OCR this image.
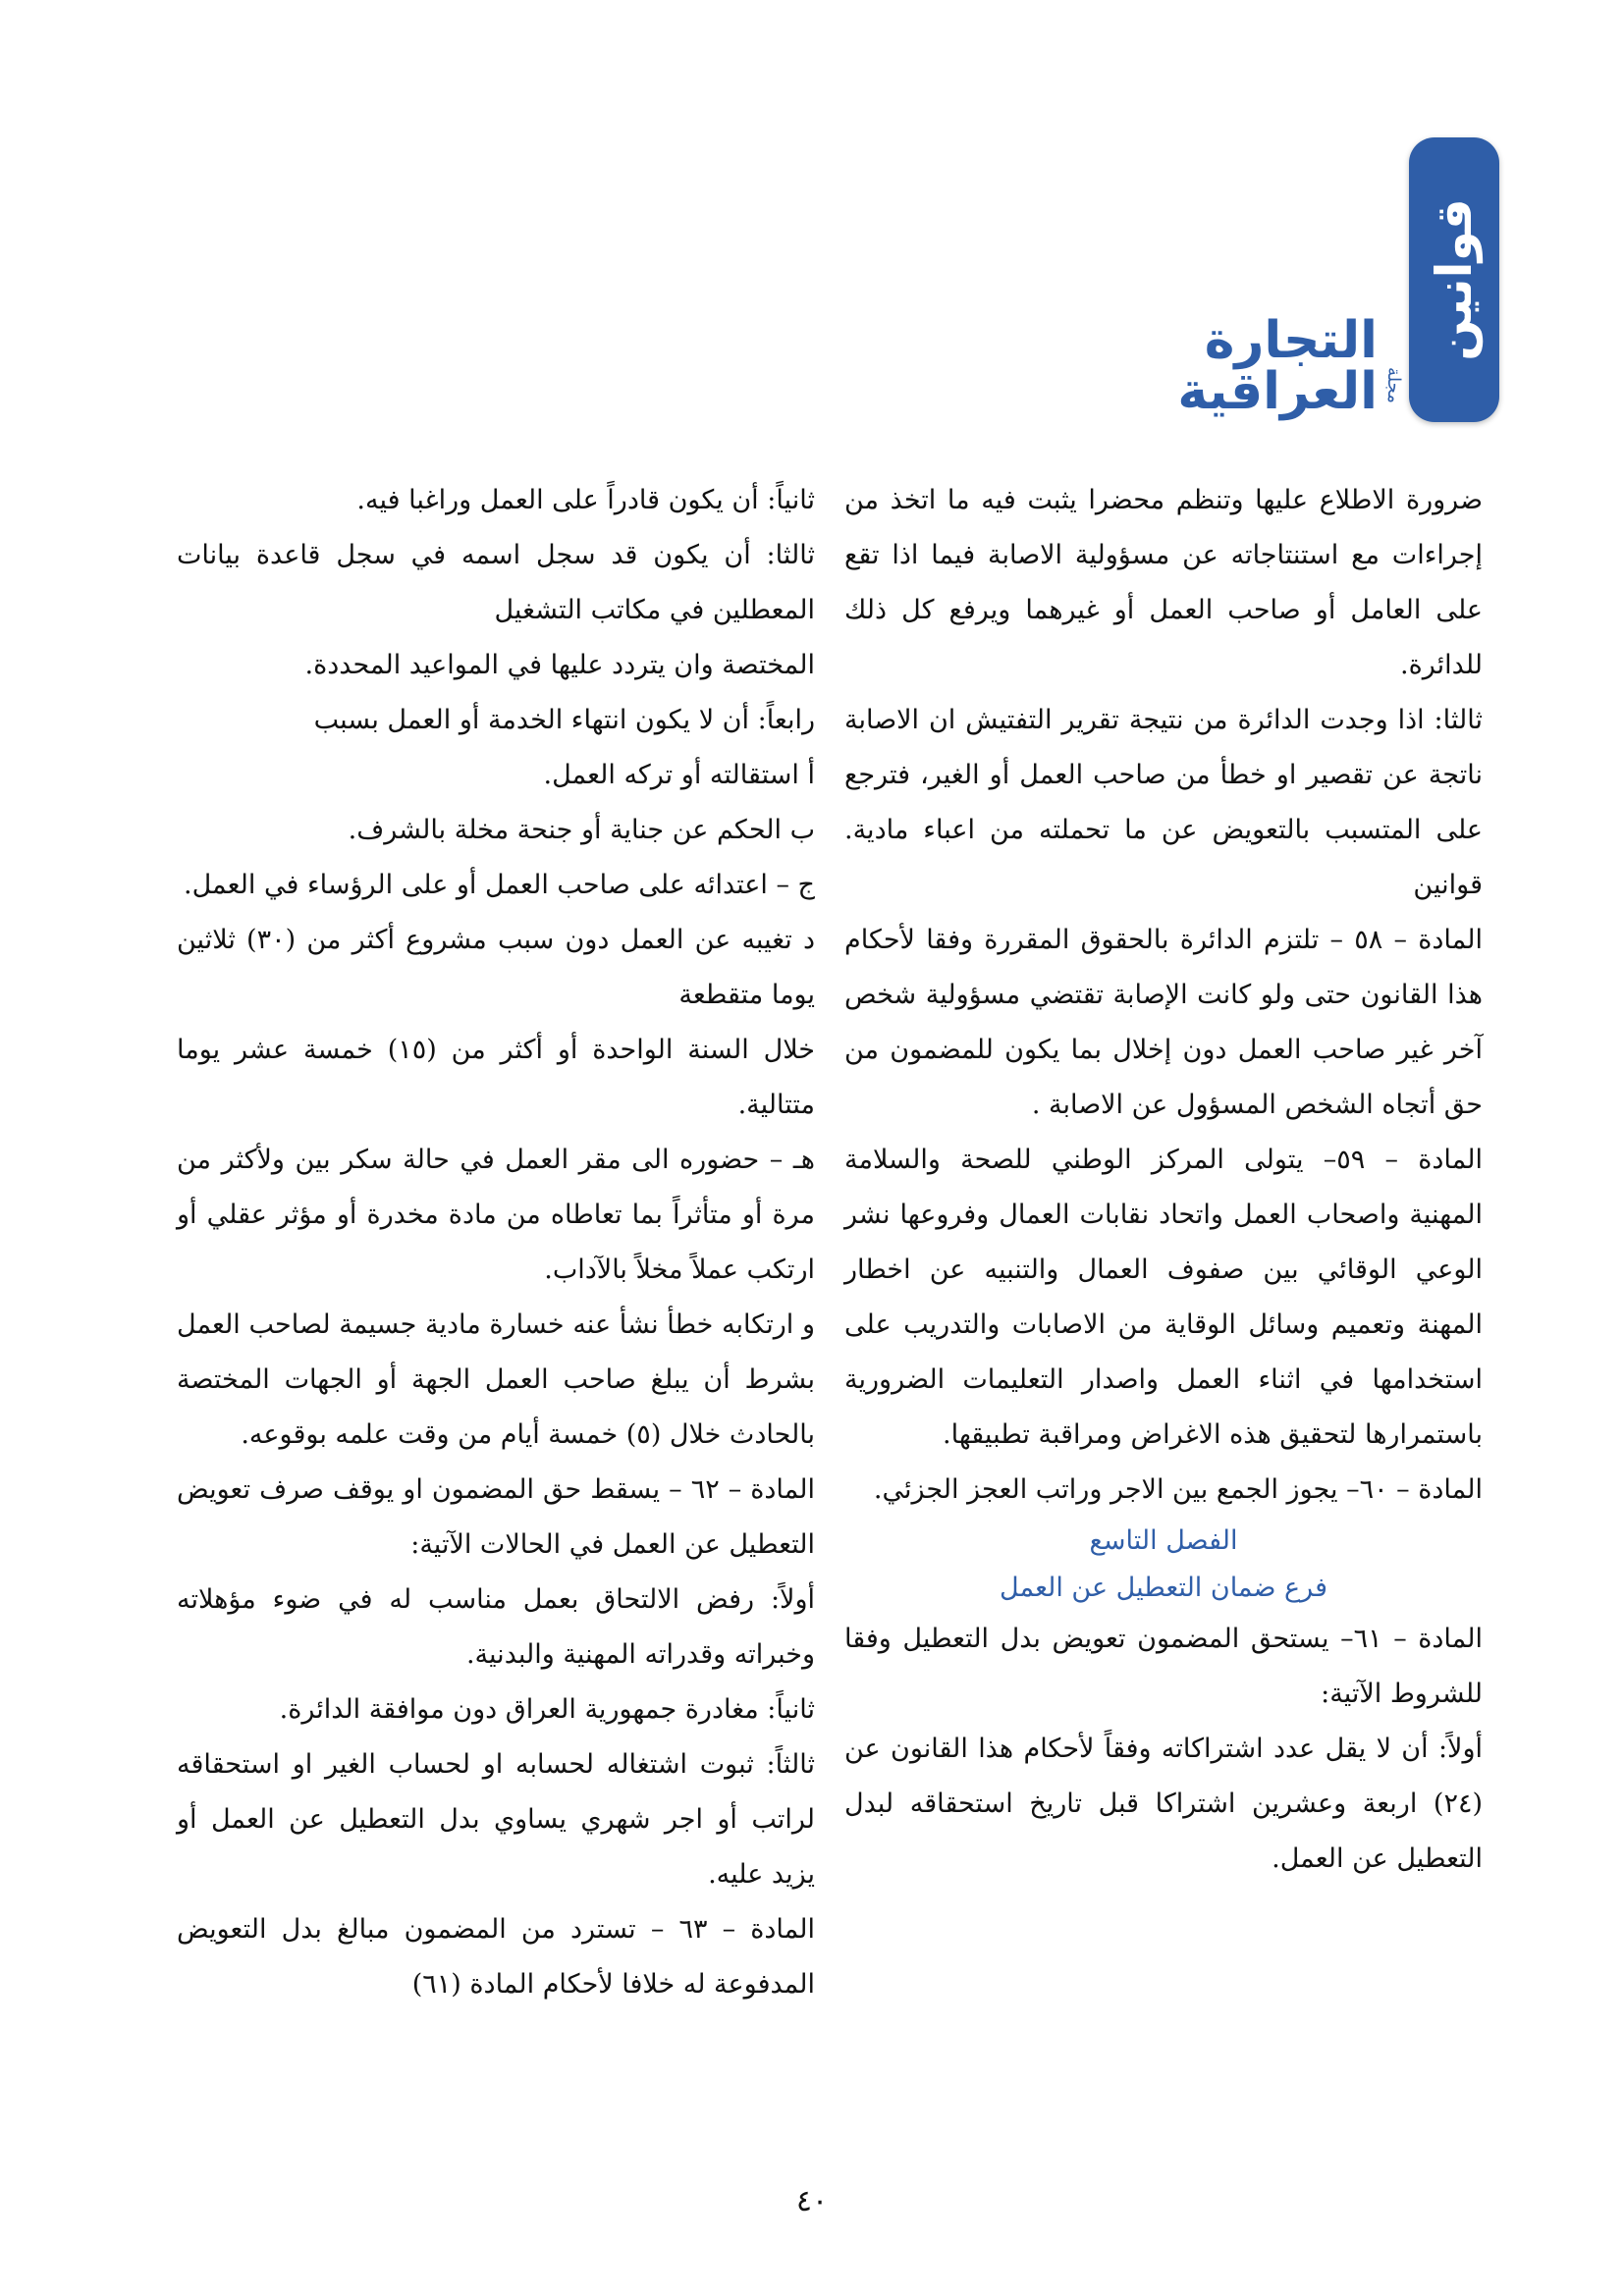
قوانين
مجلة
التجارة العراقية

ضرورة الاطلاع عليها وتنظم محضرا يثبت فيه ما اتخذ من إجراءات مع استنتاجاته عن مسؤولية الاصابة فيما اذا تقع على العامل أو صاحب العمل أو غيرهما ويرفع كل ذلك للدائرة.

ثالثا: اذا وجدت الدائرة من نتيجة تقرير التفتيش ان الاصابة ناتجة عن تقصير او خطأ من صاحب العمل أو الغير، فترجع على المتسبب بالتعويض عن ما تحملته من اعباء مادية. قوانين

المادة – ٥٨ – تلتزم الدائرة بالحقوق المقررة وفقا لأحكام هذا القانون حتى ولو كانت الإصابة تقتضي مسؤولية شخص آخر غير صاحب العمل دون إخلال بما يكون للمضمون من حق أتجاه الشخص المسؤول عن الاصابة .

المادة – ٥٩– يتولى المركز الوطني للصحة والسلامة المهنية واصحاب العمل واتحاد نقابات العمال وفروعها نشر الوعي الوقائي بين صفوف العمال والتنبيه عن اخطار المهنة وتعميم وسائل الوقاية من الاصابات والتدريب على استخدامها في اثناء العمل واصدار التعليمات الضرورية باستمرارها لتحقيق هذه الاغراض ومراقبة تطبيقها.

المادة – ٦٠– يجوز الجمع بين الاجر وراتب العجز الجزئي.

الفصل التاسع

فرع ضمان التعطيل عن العمل

المادة – ٦١– يستحق المضمون تعويض بدل التعطيل وفقا للشروط الآتية:

أولاً: أن لا يقل عدد اشتراكاته وفقاً لأحكام هذا القانون عن (٢٤) اربعة وعشرين اشتراكا قبل تاريخ استحقاقه لبدل التعطيل عن العمل.

ثانياً: أن يكون قادراً على العمل وراغبا فيه.

ثالثا: أن يكون قد سجل اسمه في سجل قاعدة بيانات المعطلين في مكاتب التشغيل

المختصة وان يتردد عليها في المواعيد المحددة.

رابعاً: أن لا يكون انتهاء الخدمة أو العمل بسبب

أ استقالته أو تركه العمل.

ب الحكم عن جناية أو جنحة مخلة بالشرف.

ج – اعتدائه على صاحب العمل أو على الرؤساء في العمل.

د تغيبه عن العمل دون سبب مشروع أكثر من (٣٠) ثلاثين يوما متقطعة

خلال السنة الواحدة أو أكثر من (١٥) خمسة عشر يوما متتالية.

هـ – حضوره الى مقر العمل في حالة سكر بين ولأكثر من مرة أو متأثراً بما تعاطاه من مادة مخدرة أو مؤثر عقلي أو ارتكب عملاً مخلاً بالآداب.

و ارتكابه خطأ نشأ عنه خسارة مادية جسيمة لصاحب العمل بشرط أن يبلغ صاحب العمل الجهة أو الجهات المختصة بالحادث خلال (٥) خمسة أيام من وقت علمه بوقوعه.

المادة – ٦٢ – يسقط حق المضمون او يوقف صرف تعويض التعطيل عن العمل في الحالات الآتية:

أولاً: رفض الالتحاق بعمل مناسب له في ضوء مؤهلاته وخبراته وقدراته المهنية والبدنية.

ثانياً: مغادرة جمهورية العراق دون موافقة الدائرة.

ثالثاً: ثبوت اشتغاله لحسابه او لحساب الغير او استحقاقه لراتب أو اجر شهري يساوي بدل التعطيل عن العمل أو يزيد عليه.

المادة – ٦٣ – تسترد من المضمون مبالغ بدل التعويض المدفوعة له خلافا لأحكام المادة (٦١)

٤٠
